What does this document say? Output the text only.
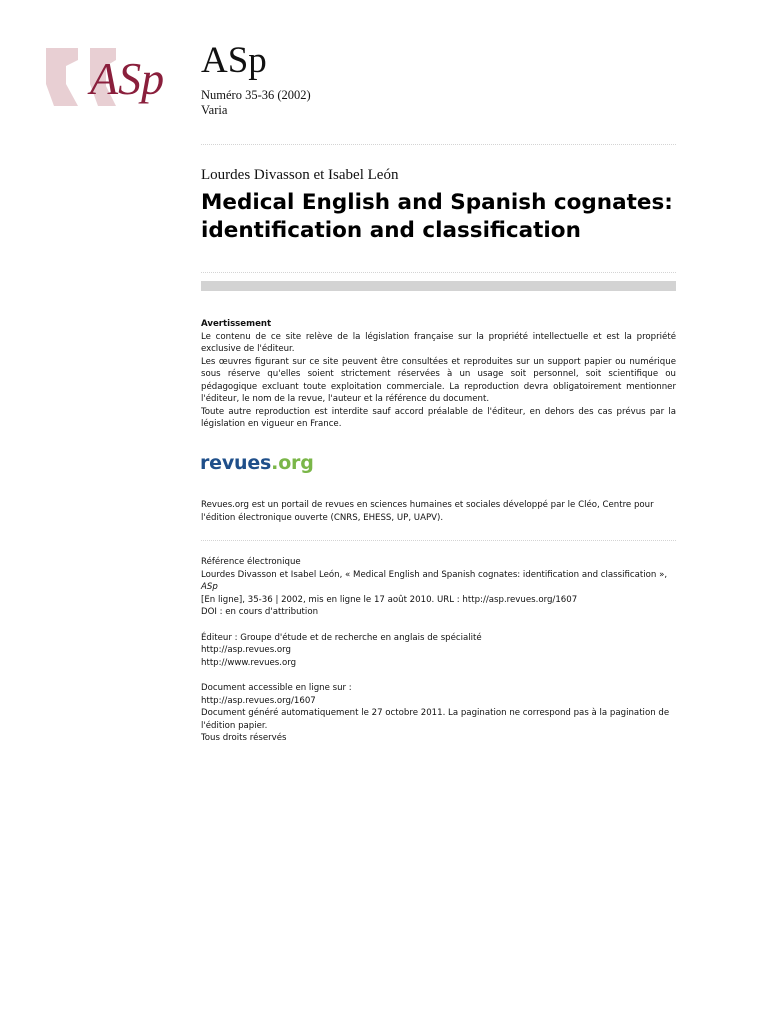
ASp ASp
Numéro 35-36 (2002)
Varia
Lourdes Divasson et Isabel León
Medical English and Spanish cognates:
identification and classification

Avertissement

Le contenu de ce site relève de la législation française sur la propriété intellectuelle et est la propriété exclusive de l'éditeur.

Les œuvres figurant sur ce site peuvent être consultées et reproduites sur un support papier ou numérique sous réserve qu'elles soient strictement réservées à un usage soit personnel, soit scientifique ou pédagogique excluant toute exploitation commerciale. La reproduction devra obligatoirement mentionner l'éditeur, le nom de la revue, l'auteur et la référence du document.

Toute autre reproduction est interdite sauf accord préalable de l'éditeur, en dehors des cas prévus par la législation en vigueur en France.

revues.org

Revues.org est un portail de revues en sciences humaines et sociales développé par le Cléo, Centre pour l'édition électronique ouverte (CNRS, EHESS, UP, UAPV).

Référence électronique

Lourdes Divasson et Isabel León, « Medical English and Spanish cognates: identification and classification », ASp

[En ligne], 35-36 | 2002, mis en ligne le 17 août 2010. URL : http://asp.revues.org/1607

DOI : en cours d'attribution

Éditeur : Groupe d'étude et de recherche en anglais de spécialité

http://asp.revues.org

http://www.revues.org

Document accessible en ligne sur :

http://asp.revues.org/1607

Document généré automatiquement le 27 octobre 2011. La pagination ne correspond pas à la pagination de l'édition papier.

Tous droits réservés
